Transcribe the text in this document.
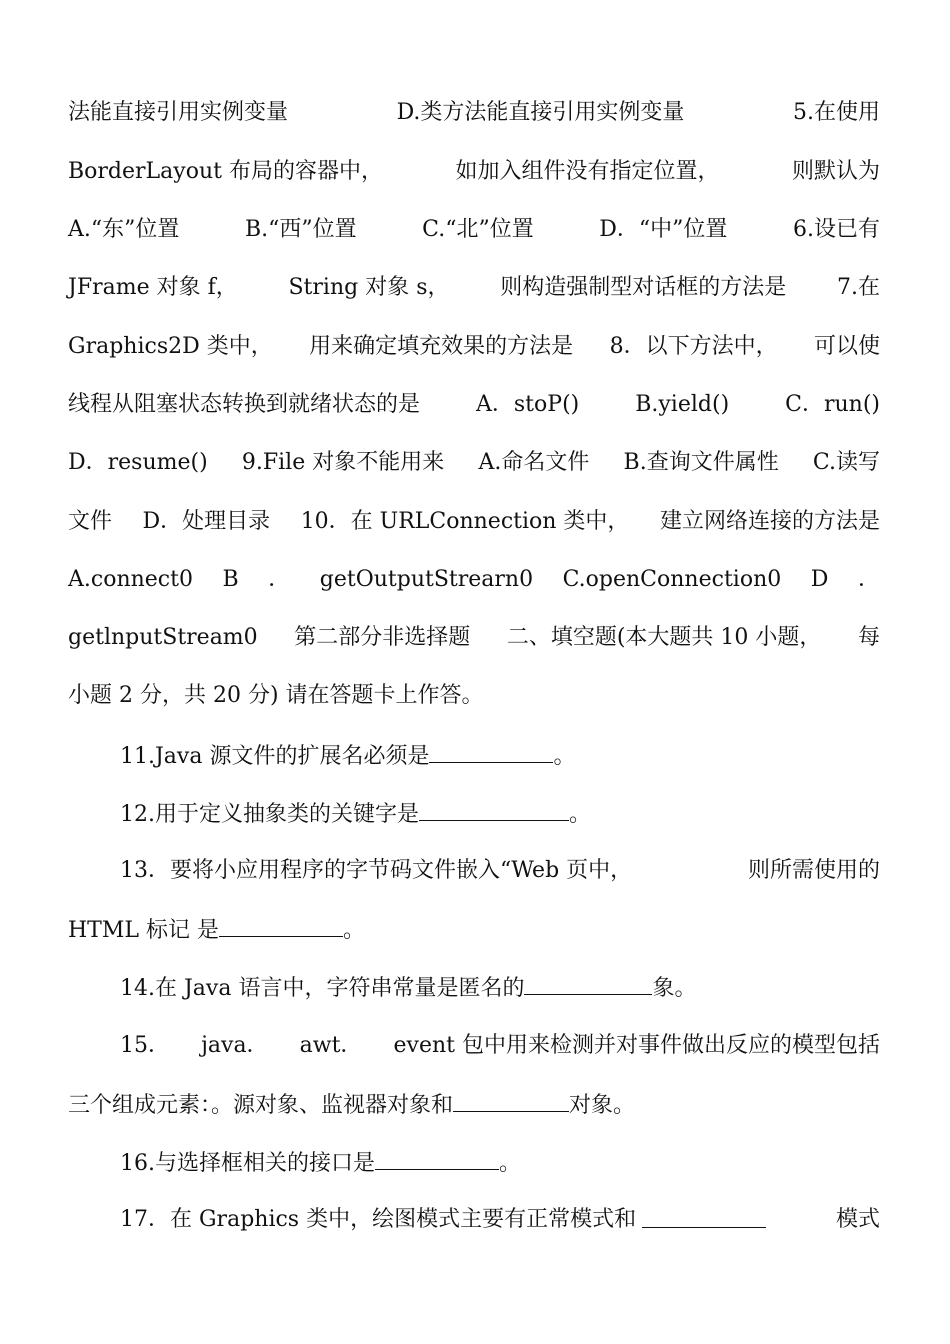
法能直接引用实例变量	D.类方法能直接引用实例变量	5.在使用
BorderLayout 布局的容器中，	如加入组件没有指定位置，	则默认为
A.“东”位置	B.“西”位置	C.“北”位置	D．“中”位置	6.设已有
JFrame 对象 f， String 对象 s， 则构造强制型对话框的方法是 7.在
Graphics2D 类中， 用来确定填充效果的方法是 8．以下方法中， 可以使
线程从阻塞状态转换到就绪状态的是	A．stoP()	B.yield()	C．run()
D．resume() 9.File 对象不能用来 A.命名文件 B.查询文件属性 C.读写
文件 D．处理目录 10．在 URLConnection 类中， 建立网络连接的方法是
A.connect0 B ． getOutputStrearn0 C.openConnection0 D ．
getlnputStream0 第二部分非选择题 二、填空题(本大题共 10 小题， 每
小题 2 分，共 20 分) 请在答题卡上作答。
11.Java 源文件的扩展名必须是	。
12.用于定义抽象类的关键字是	。
13．要将小应用程序的字节码文件嵌入“Web 页中，	则所需使用的
HTML 标记 是	。
14.在 Java 语言中，字符串常量是匿名的	象。
15． java． awt． event 包中用来检测并对事件做出反应的模型包括
三个组成元素：。源对象、监视器对象和	对象。
16.与选择框相关的接口是	。
17．在 Graphics 类中，绘图模式主要有正常模式和	模式
